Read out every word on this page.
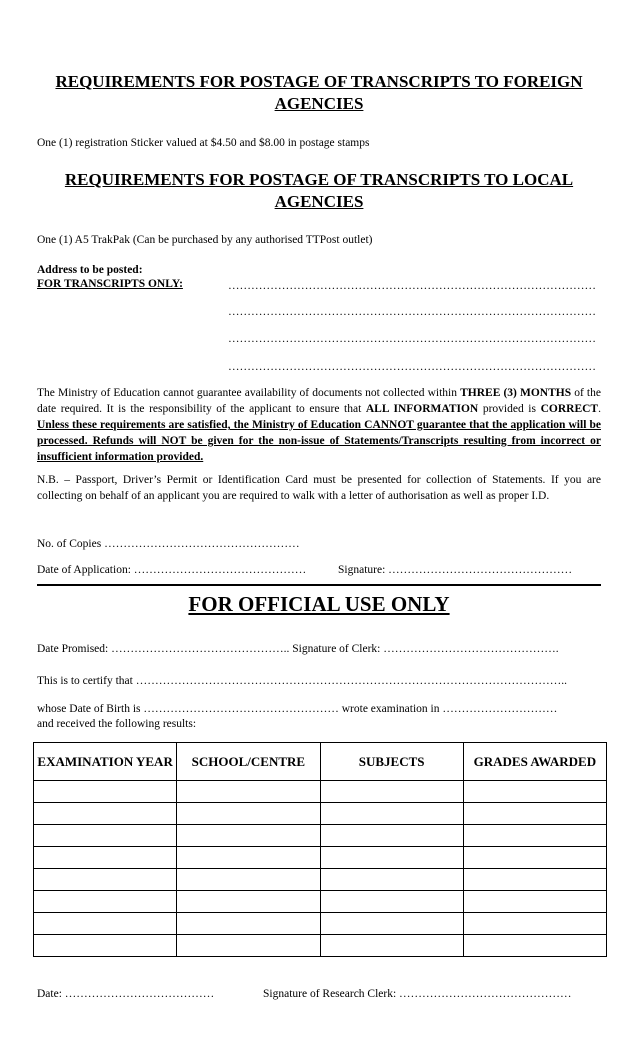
REQUIREMENTS FOR POSTAGE OF TRANSCRIPTS TO FOREIGN AGENCIES
One (1) registration Sticker valued at $4.50 and $8.00 in postage stamps
REQUIREMENTS FOR POSTAGE OF TRANSCRIPTS TO LOCAL AGENCIES
One (1) A5 TrakPak (Can be purchased by any authorised TTPost outlet)
Address to be posted:
FOR TRANSCRIPTS ONLY:	……………………………………………………………………………………
……………………………………………………………………………………
……………………………………………………………………………………
……………………………………………………………………………………
The Ministry of Education cannot guarantee availability of documents not collected within THREE (3) MONTHS of the date required. It is the responsibility of the applicant to ensure that ALL INFORMATION provided is CORRECT. Unless these requirements are satisfied, the Ministry of Education CANNOT guarantee that the application will be processed. Refunds will NOT be given for the non-issue of Statements/Transcripts resulting from incorrect or insufficient information provided.
N.B. – Passport, Driver’s Permit or Identification Card must be presented for collection of Statements. If you are collecting on behalf of an applicant you are required to walk with a letter of authorisation as well as proper I.D.
No. of Copies ……………………………………………
Date of Application: ………………………………………	Signature: …………………………………………
FOR OFFICIAL USE ONLY
Date Promised: ……………………………………….. Signature of Clerk: ……………………………………….
This is to certify that …………………………………………………………………………………………………..
whose Date of Birth is …………………………………………… wrote examination in …………………………
and received the following results:
EXAMINATION YEAR	SCHOOL/CENTRE	SUBJECTS	GRADES AWARDED

Date: …………………………………	Signature of Research Clerk: ………………………………………
